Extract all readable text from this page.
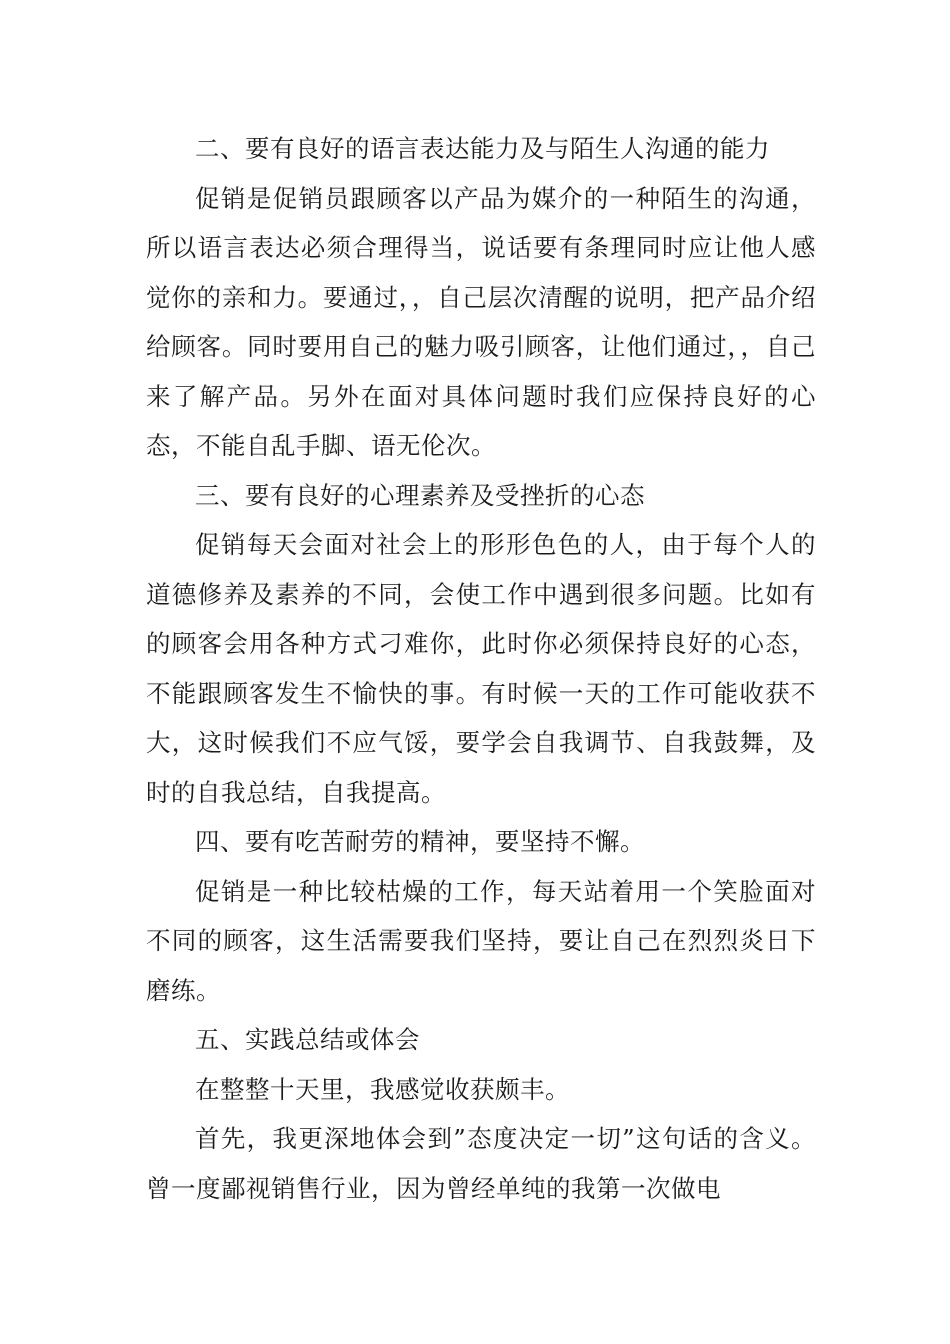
二、要有良好的语言表达能力及与陌生人沟通的能力

促销是促销员跟顾客以产品为媒介的一种陌生的沟通，所以语言表达必须合理得当，说话要有条理同时应让他人感觉你的亲和力。要通过，，自己层次清醒的说明，把产品介绍给顾客。同时要用自己的魅力吸引顾客，让他们通过，，自己来了解产品。另外在面对具体问题时我们应保持良好的心态，不能自乱手脚、语无伦次。

三、要有良好的心理素养及受挫折的心态

促销每天会面对社会上的形形色色的人，由于每个人的道德修养及素养的不同，会使工作中遇到很多问题。比如有的顾客会用各种方式刁难你，此时你必须保持良好的心态，不能跟顾客发生不愉快的事。有时候一天的工作可能收获不大，这时候我们不应气馁，要学会自我调节、自我鼓舞，及时的自我总结，自我提高。

四、要有吃苦耐劳的精神，要坚持不懈。

促销是一种比较枯燥的工作，每天站着用一个笑脸面对不同的顾客，这生活需要我们坚持，要让自己在烈烈炎日下磨练。

五、实践总结或体会

在整整十天里，我感觉收获颇丰。

首先，我更深地体会到”态度决定一切”这句话的含义。曾一度鄙视销售行业，因为曾经单纯的我第一次做电
